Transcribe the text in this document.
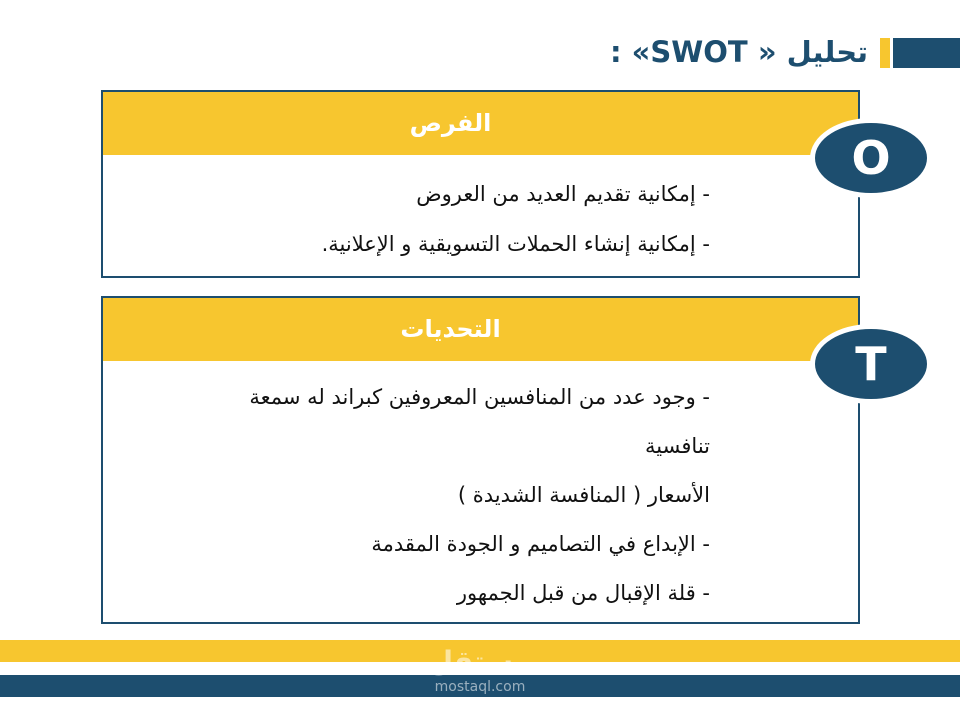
تحليل « SWOT» :
الفرص

- إمكانية تقديم العديد من العروض

- إمكانية إنشاء الحملات التسويقية و الإعلانية.

O
التحديات

- وجود عدد من المنافسين المعروفين كبراند له سمعة

تنافسية

الأسعار ( المنافسة الشديدة )

- الإبداع في التصاميم و الجودة المقدمة

- قلة الإقبال من قبل الجمهور

T
مستقل
mostaql.com
